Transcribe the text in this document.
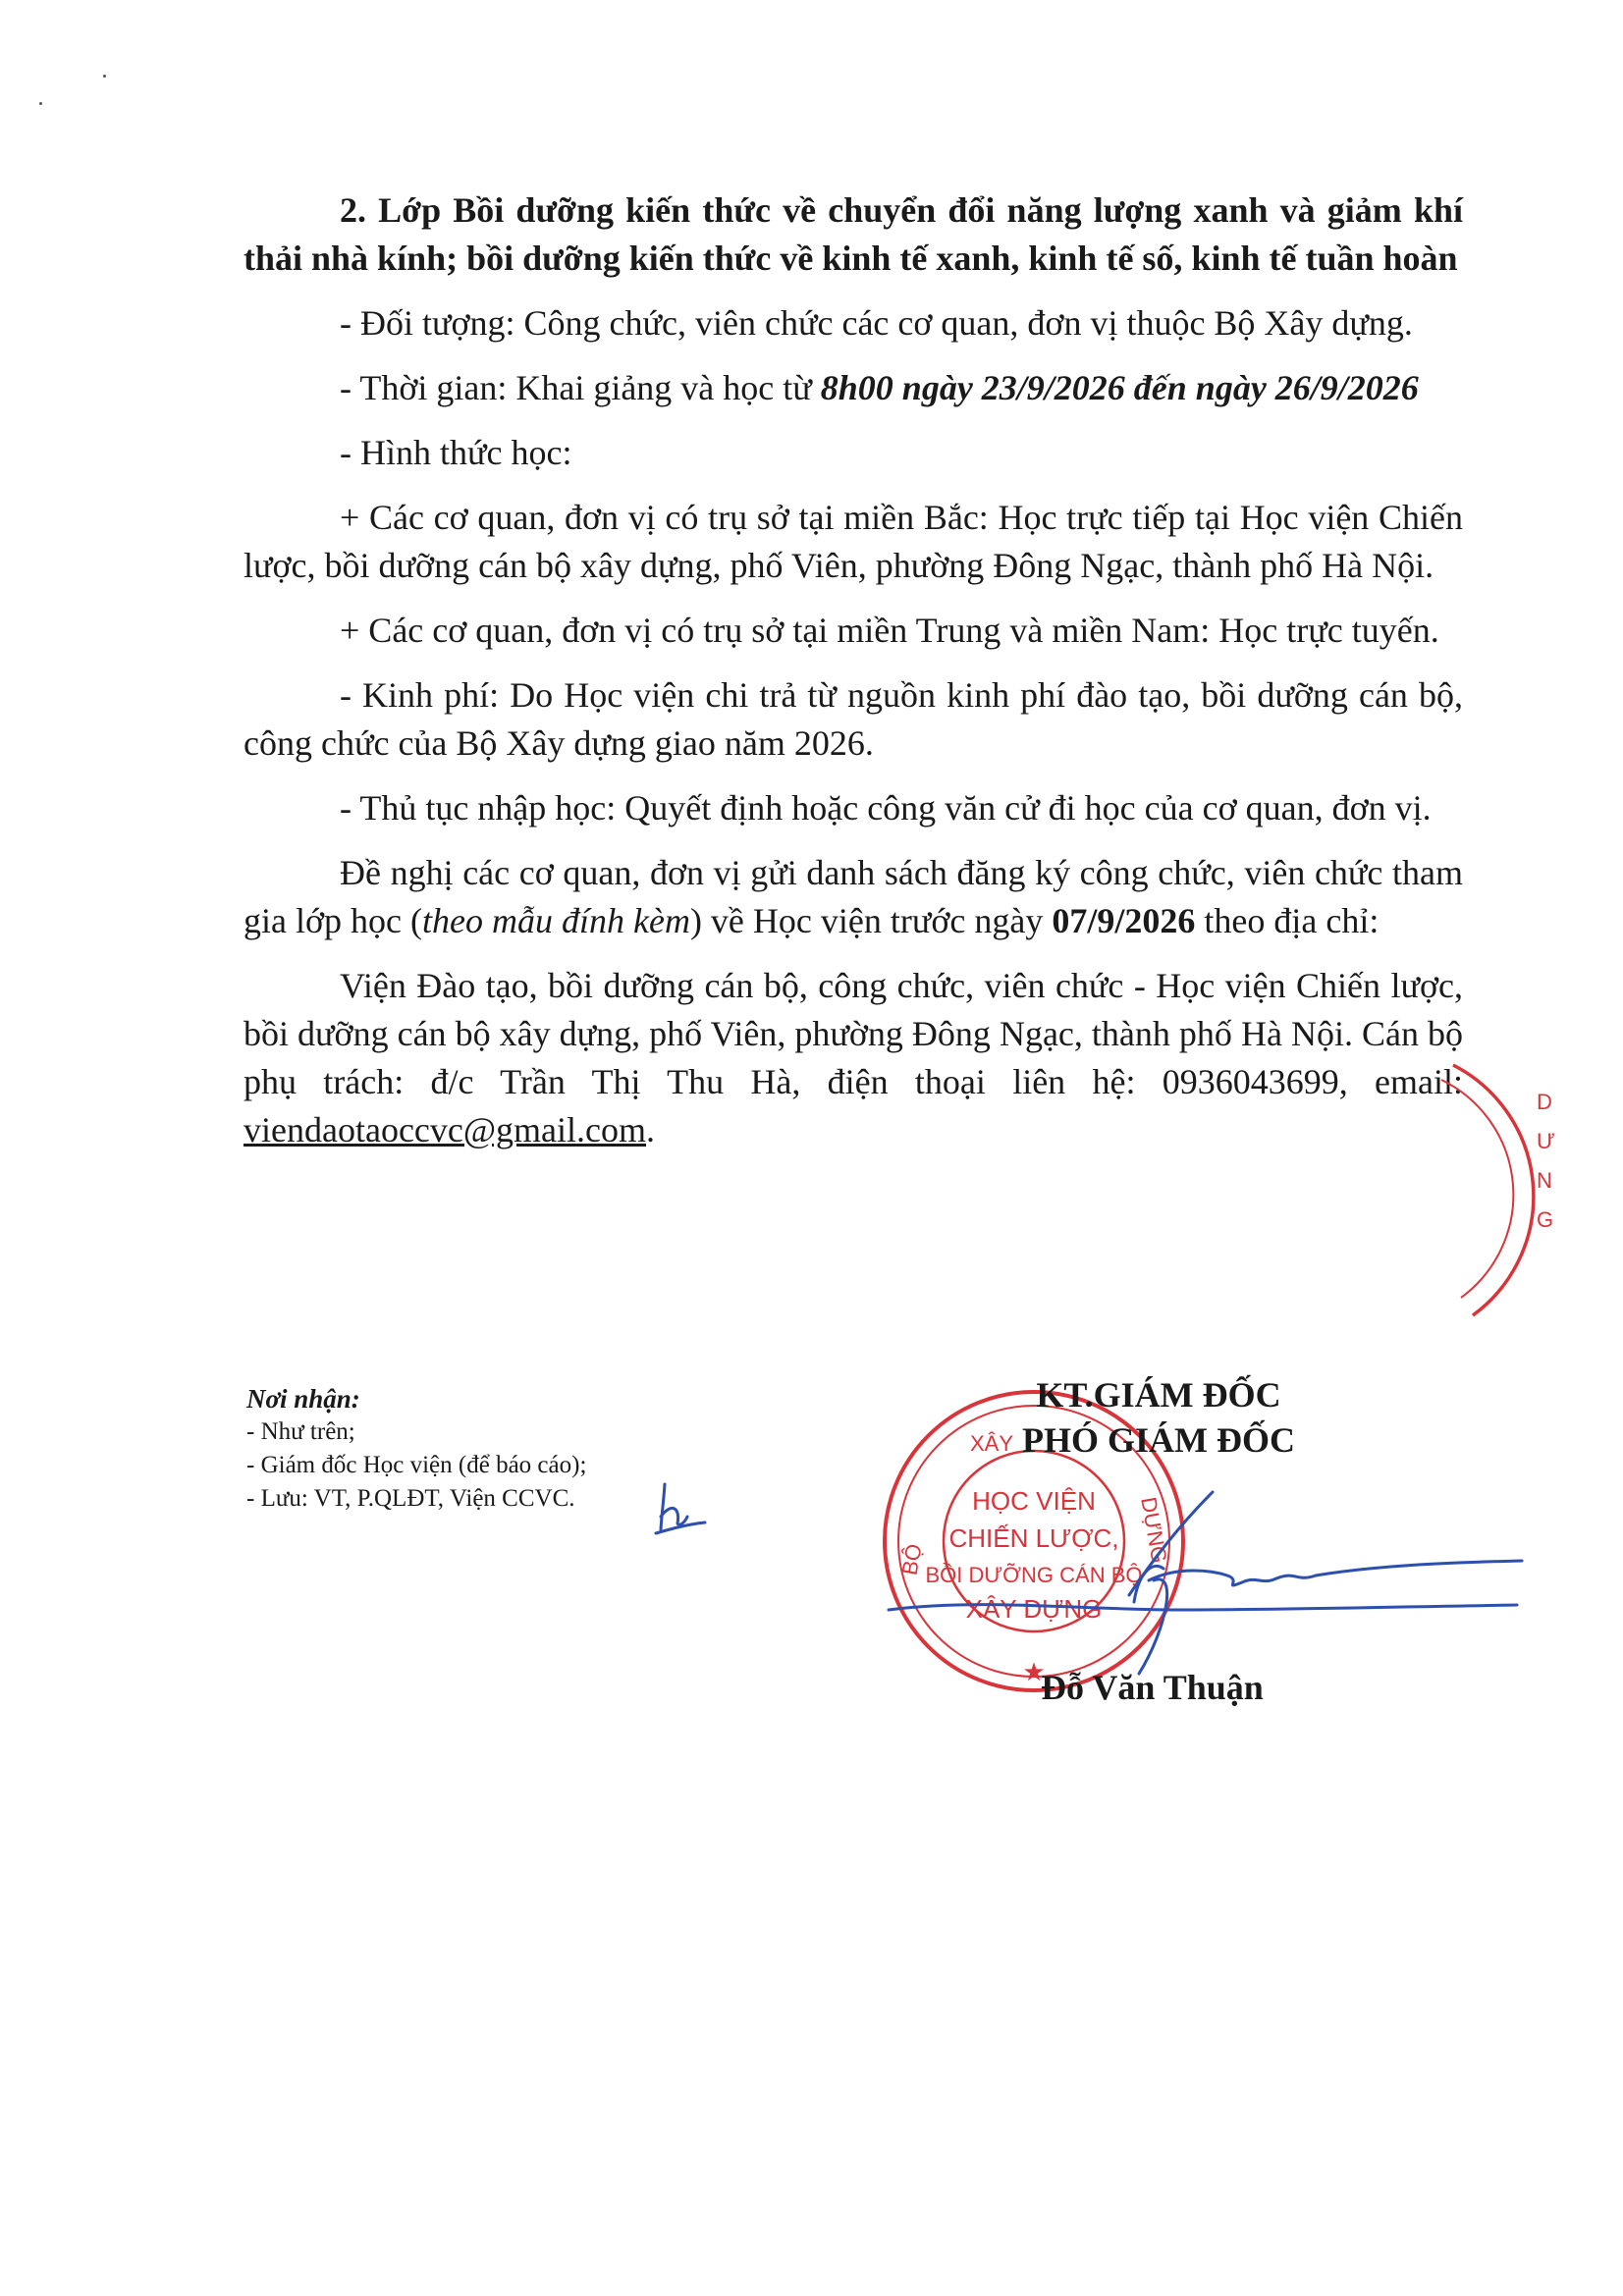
2. Lớp Bồi dưỡng kiến thức về chuyển đổi năng lượng xanh và giảm khí thải nhà kính; bồi dưỡng kiến thức về kinh tế xanh, kinh tế số, kinh tế tuần hoàn

- Đối tượng: Công chức, viên chức các cơ quan, đơn vị thuộc Bộ Xây dựng.

- Thời gian: Khai giảng và học từ 8h00 ngày 23/9/2026 đến ngày 26/9/2026

- Hình thức học:

+ Các cơ quan, đơn vị có trụ sở tại miền Bắc: Học trực tiếp tại Học viện Chiến lược, bồi dưỡng cán bộ xây dựng, phố Viên, phường Đông Ngạc, thành phố Hà Nội.

+ Các cơ quan, đơn vị có trụ sở tại miền Trung và miền Nam: Học trực tuyến.

- Kinh phí: Do Học viện chi trả từ nguồn kinh phí đào tạo, bồi dưỡng cán bộ, công chức của Bộ Xây dựng giao năm 2026.

- Thủ tục nhập học: Quyết định hoặc công văn cử đi học của cơ quan, đơn vị.

Đề nghị các cơ quan, đơn vị gửi danh sách đăng ký công chức, viên chức tham gia lớp học (theo mẫu đính kèm) về Học viện trước ngày 07/9/2026 theo địa chỉ:

Viện Đào tạo, bồi dưỡng cán bộ, công chức, viên chức - Học viện Chiến lược, bồi dưỡng cán bộ xây dựng, phố Viên, phường Đông Ngạc, thành phố Hà Nội. Cán bộ phụ trách: đ/c Trần Thị Thu Hà, điện thoại liên hệ: 0936043699, email: viendaotaoccvc@gmail.com.

Nơi nhận:
- Như trên;
- Giám đốc Học viện (để báo cáo);
- Lưu: VT, P.QLĐT, Viện CCVC.
D
Ư
N
G
HỌC VIỆN
CHIẾN LƯỢC,
BỒI DƯỠNG CÁN BỘ
XÂY DỰNG
BỘ
XÂY
DỰNG
★
KT.GIÁM ĐỐC
PHÓ GIÁM ĐỐC
Đỗ Văn Thuận
